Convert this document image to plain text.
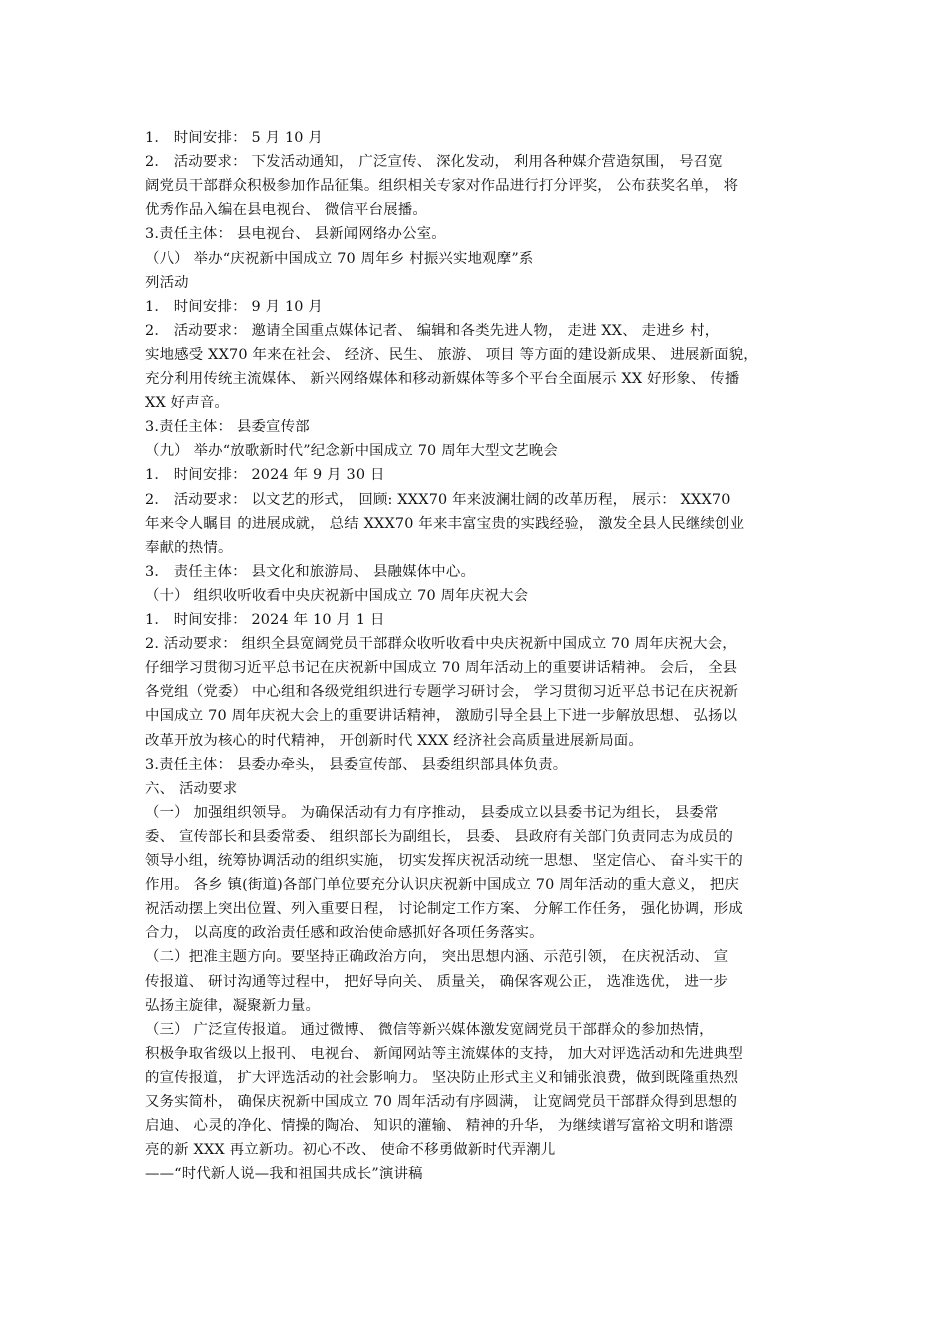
1． 时间安排： 5 月 10 月
2． 活动要求： 下发活动通知， 广泛宣传、 深化发动， 利用各种媒介营造氛围， 号召宽
阔党员干部群众积极参加作品征集。组织相关专家对作品进行打分评奖， 公布获奖名单， 将
优秀作品入编在县电视台、 微信平台展播。
3.责任主体： 县电视台、 县新闻网络办公室。
（八） 举办“庆祝新中国成立 70 周年乡 村振兴实地观摩”系
列活动
1． 时间安排： 9 月 10 月
2． 活动要求： 邀请全国重点媒体记者、 编辑和各类先进人物， 走进 XX、 走进乡 村，
实地感受 XX70 年来在社会、 经济、民生、 旅游、 项目 等方面的建设新成果、 进展新面貌，
充分利用传统主流媒体、 新兴网络媒体和移动新媒体等多个平台全面展示 XX 好形象、 传播
XX 好声音。
3.责任主体： 县委宣传部
（九） 举办“放歌新时代”纪念新中国成立 70 周年大型文艺晚会
1． 时间安排： 2024 年 9 月 30 日
2． 活动要求： 以文艺的形式， 回顾: XXX70 年来波澜壮阔的改革历程， 展示： XXX70
年来令人瞩目 的进展成就， 总结 XXX70 年来丰富宝贵的实践经验， 激发全县人民继续创业
奉献的热情。
3． 责任主体： 县文化和旅游局、 县融媒体中心。
（十） 组织收听收看中央庆祝新中国成立 70 周年庆祝大会
1． 时间安排： 2024 年 10 月 1 日
2. 活动要求： 组织全县宽阔党员干部群众收听收看中央庆祝新中国成立 70 周年庆祝大会，
仔细学习贯彻习近平总书记在庆祝新中国成立 70 周年活动上的重要讲话精神。 会后， 全县
各党组（党委） 中心组和各级党组织进行专题学习研讨会， 学习贯彻习近平总书记在庆祝新
中国成立 70 周年庆祝大会上的重要讲话精神， 激励引导全县上下进一步解放思想、 弘扬以
改革开放为核心的时代精神， 开创新时代 XXX 经济社会高质量进展新局面。
3.责任主体： 县委办牵头， 县委宣传部、 县委组织部具体负责。
六、 活动要求
（一） 加强组织领导。 为确保活动有力有序推动， 县委成立以县委书记为组长， 县委常
委、 宣传部长和县委常委、 组织部长为副组长， 县委、 县政府有关部门负责同志为成员的
领导小组，统筹协调活动的组织实施， 切实发挥庆祝活动统一思想、 坚定信心、 奋斗实干的
作用。 各乡 镇(街道)各部门单位要充分认识庆祝新中国成立 70 周年活动的重大意义， 把庆
祝活动摆上突出位置、列入重要日程， 讨论制定工作方案、 分解工作任务， 强化协调，形成
合力， 以高度的政治责任感和政治使命感抓好各项任务落实。
（二）把准主题方向。要坚持正确政治方向， 突出思想内涵、示范引领， 在庆祝活动、 宣
传报道、 研讨沟通等过程中， 把好导向关、 质量关， 确保客观公正， 选准选优， 进一步
弘扬主旋律，凝聚新力量。
（三） 广泛宣传报道。 通过微博、 微信等新兴媒体激发宽阔党员干部群众的参加热情，
积极争取省级以上报刊、 电视台、 新闻网站等主流媒体的支持， 加大对评选活动和先进典型
的宣传报道， 扩大评选活动的社会影响力。 坚决防止形式主义和铺张浪费，做到既隆重热烈
又务实简朴， 确保庆祝新中国成立 70 周年活动有序圆满， 让宽阔党员干部群众得到思想的
启迪、 心灵的净化、情操的陶冶、 知识的灌输、 精神的升华， 为继续谱写富裕文明和谐漂
亮的新 XXX 再立新功。初心不改、 使命不移勇做新时代弄潮儿
——“时代新人说—我和祖国共成长”演讲稿
